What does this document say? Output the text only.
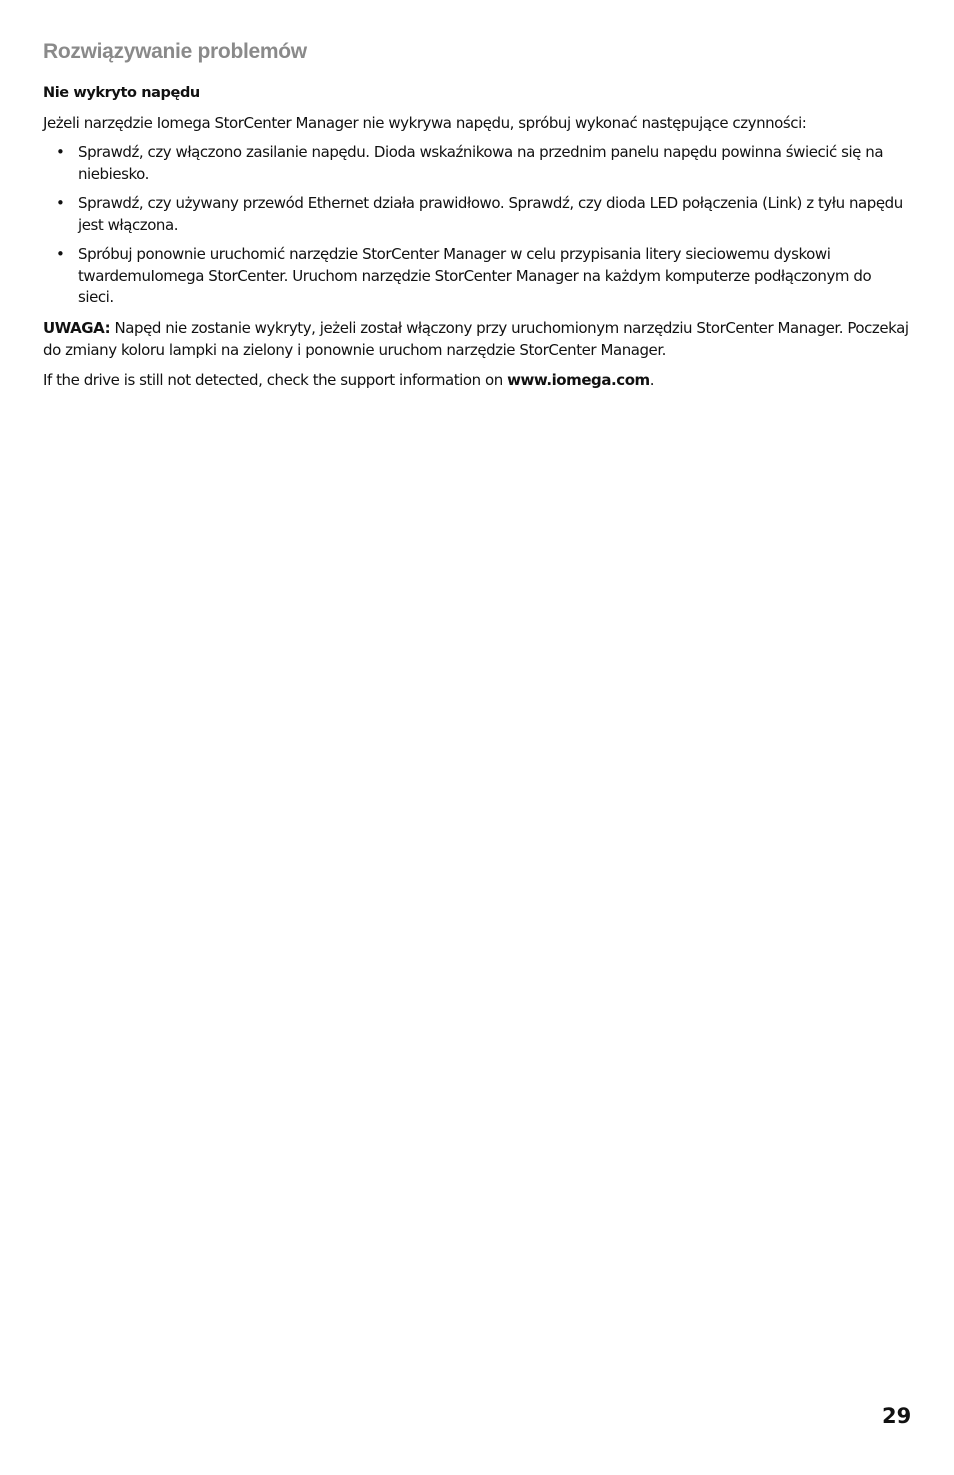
Rozwiązywanie problemów
Nie wykryto napędu

Jeżeli narzędzie Iomega StorCenter Manager nie wykrywa napędu, spróbuj wykonać następujące czynności:

• Sprawdź, czy włączono zasilanie napędu. Dioda wskaźnikowa na przednim panelu napędu powinna świecić się na niebiesko.
• Sprawdź, czy używany przewód Ethernet działa prawidłowo. Sprawdź, czy dioda LED połączenia (Link) z tyłu napędu jest włączona.
• Spróbuj ponownie uruchomić narzędzie StorCenter Manager w celu przypisania litery sieciowemu dyskowi twardemuIomega StorCenter. Uruchom narzędzie StorCenter Manager na każdym komputerze podłączonym do sieci.

UWAGA: Napęd nie zostanie wykryty, jeżeli został włączony przy uruchomionym narzędziu StorCenter Manager. Poczekaj do zmiany koloru lampki na zielony i ponownie uruchom narzędzie StorCenter Manager.

If the drive is still not detected, check the support information on www.iomega.com.

29
